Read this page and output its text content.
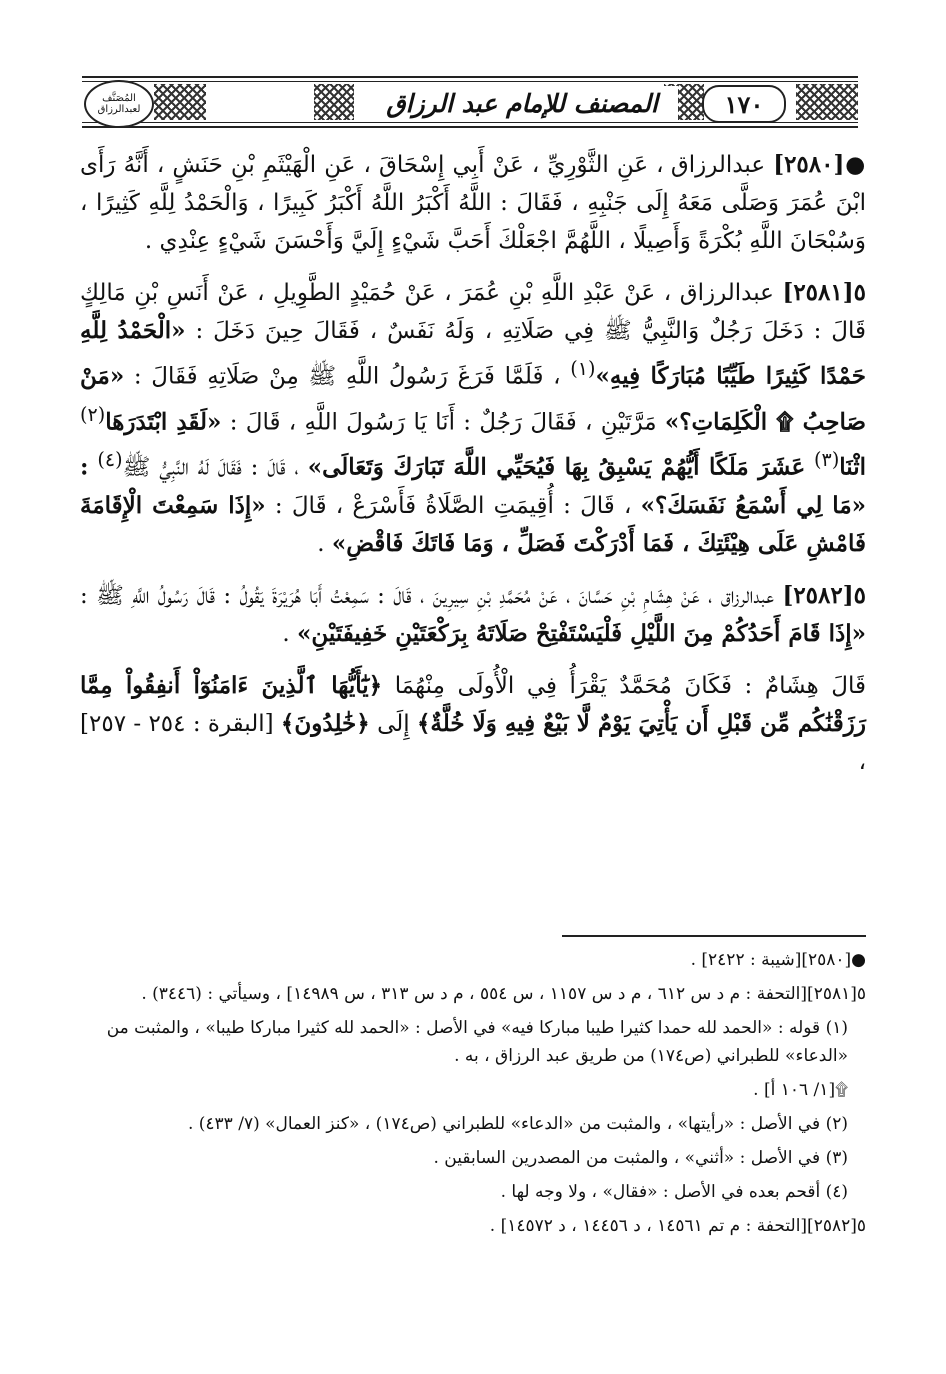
المُصَنَّف لعبدالرزاق	١٧٠
المصنف للإمام عبد الرزاق
●[٢٥٨٠] عبدالرزاق ، عَنِ الثَّوْرِيِّ ، عَنْ أَبِي إِسْحَاقَ ، عَنِ الْهَيْثَمِ بْنِ حَنَشٍ ، أَنَّهُ رَأَى ابْنَ عُمَرَ وَصَلَّى مَعَهُ إِلَى جَنْبِهِ ، فَقَالَ : اللَّهُ أَكْبَرُ اللَّهُ أَكْبَرُ كَبِيرًا ، وَالْحَمْدُ لِلَّهِ كَثِيرًا ، وَسُبْحَانَ اللَّهِ بُكْرَةً وَأَصِيلًا ، اللَّهُمَّ اجْعَلْكَ أَحَبَّ شَيْءٍ إِلَيَّ وَأَحْسَنَ شَيْءٍ عِنْدِي .
٥[٢٥٨١] عبدالرزاق ، عَنْ عَبْدِ اللَّهِ بْنِ عُمَرَ ، عَنْ حُمَيْدٍ الطَّوِيلِ ، عَنْ أَنَسِ بْنِ مَالِكٍ قَالَ : دَخَلَ رَجُلٌ وَالنَّبِيُّ ﷺ فِي صَلَاتِهِ ، وَلَهُ نَفَسٌ ، فَقَالَ حِينَ دَخَلَ : «الْحَمْدُ لِلَّهِ حَمْدًا كَثِيرًا طَيِّبًا مُبَارَكًا فِيهِ»$^{(١)}$ ، فَلَمَّا فَرَغَ رَسُولُ اللَّهِ ﷺ مِنْ صَلَاتِهِ فَقَالَ : «مَنْ صَاحِبُ ۩ الْكَلِمَاتِ؟» مَرَّتَيْنِ ، فَقَالَ رَجُلٌ : أَنَا يَا رَسُولَ اللَّهِ ، قَالَ : «لَقَدِ ابْتَدَرَهَا$^{(٢)}$ اثْنَا$^{(٣)}$ عَشَرَ مَلَكًا أَيُّهُمْ يَسْبِقُ بِهَا فَيُحَيِّي اللَّهَ تَبَارَكَ وَتَعَالَى» ، قَالَ : فَقَالَ لَهُ النَّبِيُّ ﷺ$^{(٤)}$ : «مَا لِي أَسْمَعُ نَفَسَكَ؟» ، قَالَ : أُقِيمَتِ الصَّلَاةُ فَأَسْرَعْ ، قَالَ : «إِذَا سَمِعْتَ الْإِقَامَةَ فَامْشِ عَلَى هِيْئَتِكَ ، فَمَا أَدْرَكْتَ فَصَلِّ ، وَمَا فَاتَكَ فَاقْضِ» .
٥[٢٥٨٢] عبدالرزاق ، عَنْ هِشَامِ بْنِ حَسَّانَ ، عَنْ مُحَمَّدِ بْنِ سِيرِينَ ، قَالَ : سَمِعْتُ أَبَا هُرَيْرَةَ يَقُولُ : قَالَ رَسُولُ اللَّهِ ﷺ : «إِذَا قَامَ أَحَدُكُمْ مِنَ اللَّيْلِ فَلْيَسْتَفْتِحْ صَلَاتَهُ بِرَكْعَتَيْنِ خَفِيفَتَيْنِ» .
قَالَ هِشَامٌ : فَكَانَ مُحَمَّدٌ يَقْرَأُ فِي الْأُولَى مِنْهُمَا ﴿يَٰٓأَيُّهَا ٱلَّذِينَ ءَامَنُوٓاْ أَنفِقُواْ مِمَّا رَزَقْنَٰكُم مِّن قَبْلِ أَن يَأْتِيَ يَوْمٌ لَّا بَيْعٌ فِيهِ وَلَا خُلَّةٌ﴾ إِلَى ﴿خَٰلِدُونَ﴾ [البقرة : ٢٥٤ - ٢٥٧] ،

●[٢٥٨٠][شيبة : ٢٤٢٢] .

٥[٢٥٨١][التحفة : م د س ٦١٢ ، م د س ١١٥٧ ، س ٥٥٤ ، م د س ٣١٣ ، س ١٤٩٨٩] ، وسيأتي : (٣٤٤٦) .

(١) قوله : «الحمد لله حمدا كثيرا طيبا مباركا فيه» في الأصل : «الحمد لله كثيرا مباركا طيبا» ، والمثبت من «الدعاء» للطبراني (ص١٧٤) من طريق عبد الرزاق ، به .

۩[١/ ١٠٦ أ] .

(٢) في الأصل : «رأيتها» ، والمثبت من «الدعاء» للطبراني (ص١٧٤) ، «كنز العمال» (٧/ ٤٣٣) .

(٣) في الأصل : «أثني» ، والمثبت من المصدرين السابقين .

(٤) أقحم بعده في الأصل : «فقال» ، ولا وجه لها .

٥[٢٥٨٢][التحفة : م تم ١٤٥٦١ ، د ١٤٤٥٦ ، د ١٤٥٧٢] .
